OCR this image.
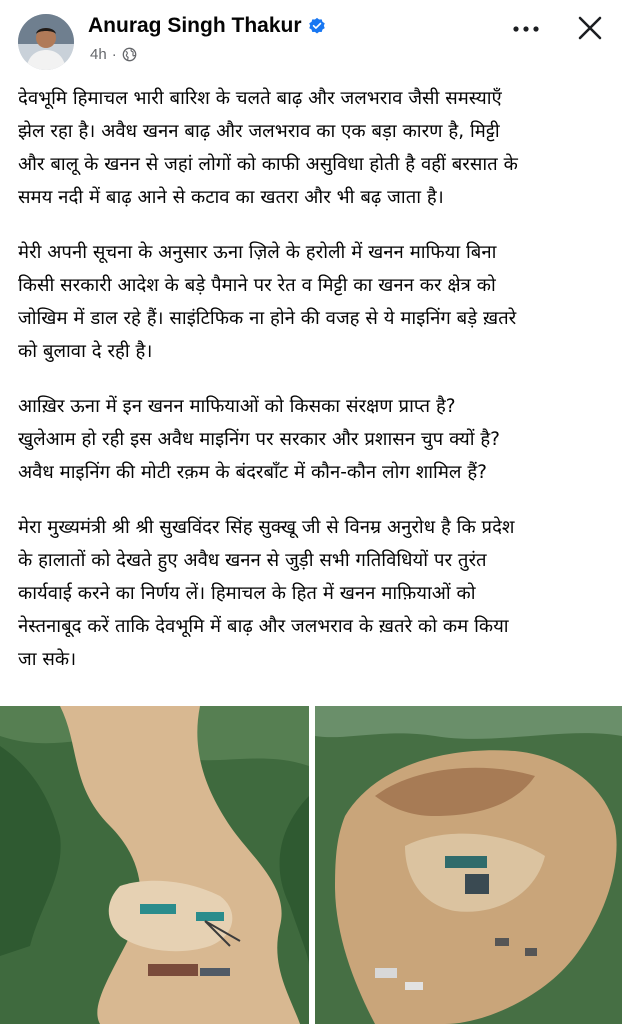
Anurag Singh Thakur
4h ·

देवभूमि हिमाचल भारी बारिश के चलते बाढ़ और जलभराव जैसी समस्याएँ
झेल रहा है। अवैध खनन बाढ़ और जलभराव का एक बड़ा कारण है, मिट्टी
और बालू के खनन से जहां लोगों को काफी असुविधा होती है वहीं बरसात के
समय नदी में बाढ़ आने से कटाव का खतरा और भी बढ़ जाता है।

मेरी अपनी सूचना के अनुसार ऊना ज़िले के हरोली में खनन माफिया बिना
किसी सरकारी आदेश के बड़े पैमाने पर रेत व मिट्टी का खनन कर क्षेत्र को
जोखिम में डाल रहे हैं। साइंटिफिक ना होने की वजह से ये माइनिंग बड़े ख़तरे
को बुलावा दे रही है।

आख़िर ऊना में इन खनन माफियाओं को किसका संरक्षण प्राप्त है?
खुलेआम हो रही इस अवैध माइनिंग पर सरकार और प्रशासन चुप क्यों है?
अवैध माइनिंग की मोटी रक़म के बंदरबाँट में कौन-कौन लोग शामिल हैं?

मेरा मुख्यमंत्री श्री श्री सुखविंदर सिंह सुक्खू जी से विनम्र अनुरोध है कि प्रदेश
के हालातों को देखते हुए अवैध खनन से जुड़ी सभी गतिविधियों पर तुरंत
कार्यवाई करने का निर्णय लें। हिमाचल के हित में खनन माफ़ियाओं को
नेस्तनाबूद करें ताकि देवभूमि में बाढ़ और जलभराव के ख़तरे को कम किया
जा सके।
